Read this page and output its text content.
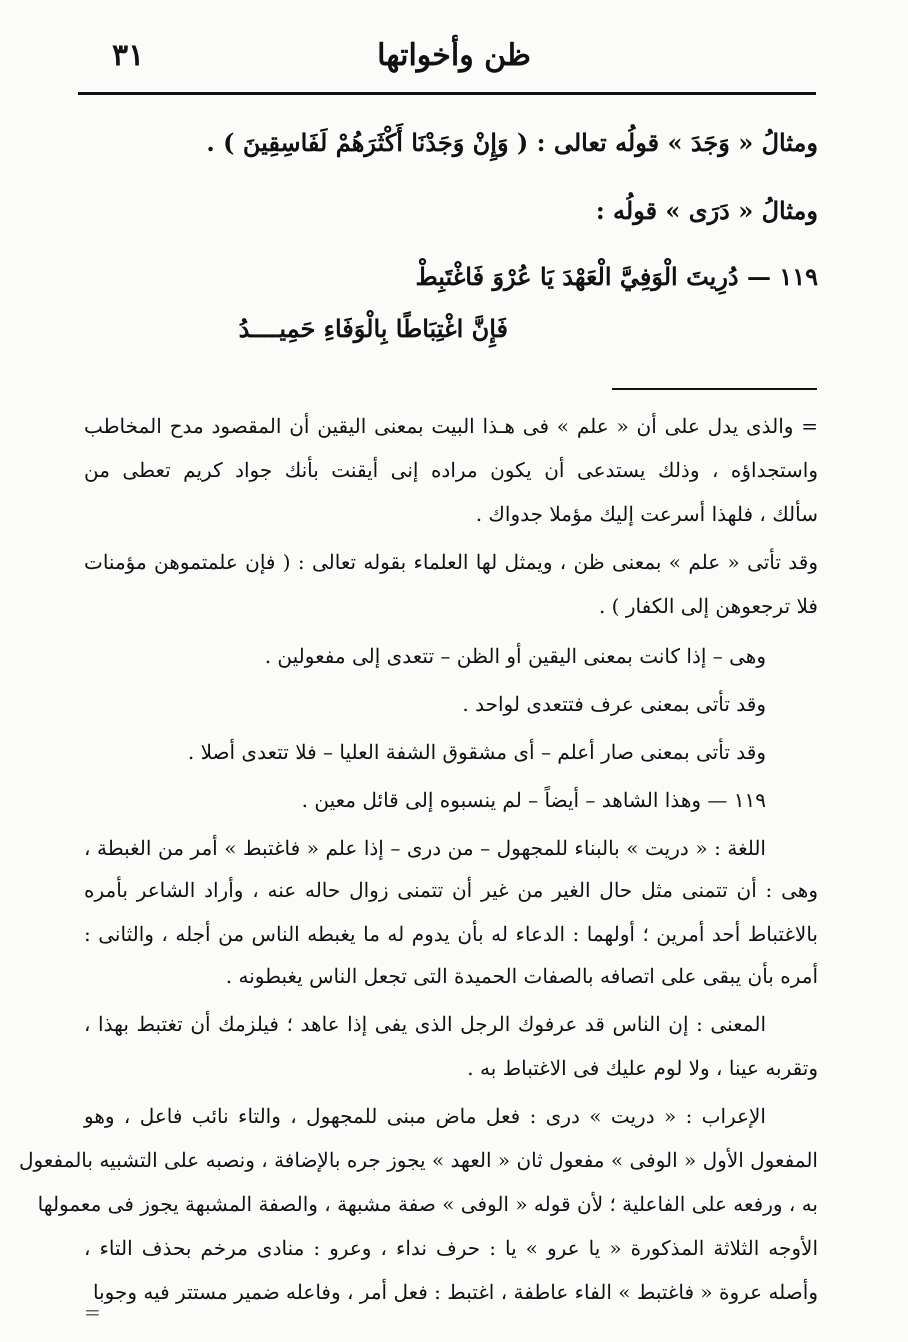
ظن وأخواتها
٣١
ومثالُ « وَجَدَ » قولُه تعالى : ( وَإِنْ وَجَدْنَا أَكْثَرَهُمْ لَفَاسِقِينَ ) .
ومثالُ « دَرَى » قولُه :
١١٩ — دُرِيتَ الْوَفِيَّ الْعَهْدَ يَا عُرْوَ فَاغْتَبِطْ
فَإِنَّ اغْتِبَاطًا بِالْوَفَاءِ حَمِيــــدُ
= والذى يدل على أن « علم » فى هـذا البيت بمعنى اليقين أن المقصود مدح المخاطب
واستجداؤه ، وذلك يستدعى أن يكون مراده إنى أيقنت بأنك جواد كريم تعطى من
سألك ، فلهذا أسرعت إليك مؤملا جدواك .
وقد تأتى « علم » بمعنى ظن ، ويمثل لها العلماء بقوله تعالى : ( فإن علمتموهن مؤمنات
فلا ترجعوهن إلى الكفار ) .
وهى – إذا كانت بمعنى اليقين أو الظن – تتعدى إلى مفعولين .
وقد تأتى بمعنى عرف فتتعدى لواحد .
وقد تأتى بمعنى صار أعلم – أى مشقوق الشفة العليا – فلا تتعدى أصلا .
١١٩ — وهذا الشاهد – أيضاً – لم ينسبوه إلى قائل معين .
اللغة : « دريت » بالبناء للمجهول – من درى – إذا علم « فاغتبط » أمر من الغبطة ،
وهى : أن تتمنى مثل حال الغير من غير أن تتمنى زوال حاله عنه ، وأراد الشاعر بأمره
بالاغتباط أحد أمرين ؛ أولهما : الدعاء له بأن يدوم له ما يغبطه الناس من أجله ، والثانى :
أمره بأن يبقى على اتصافه بالصفات الحميدة التى تجعل الناس يغبطونه .
المعنى : إن الناس قد عرفوك الرجل الذى يفى إذا عاهد ؛ فيلزمك أن تغتبط بهذا ،
وتقربه عينا ، ولا لوم عليك فى الاغتباط به .
الإعراب : « دريت » درى : فعل ماض مبنى للمجهول ، والتاء نائب فاعل ، وهو
المفعول الأول « الوفى » مفعول ثان « العهد » يجوز جره بالإضافة ، ونصبه على التشبيه بالمفعول
به ، ورفعه على الفاعلية ؛ لأن قوله « الوفى » صفة مشبهة ، والصفة المشبهة يجوز فى معمولها
الأوجه الثلاثة المذكورة « يا عرو » يا : حرف نداء ، وعرو : منادى مرخم بحذف التاء ،
وأصله عروة « فاغتبط » الفاء عاطفة ، اغتبط : فعل أمر ، وفاعله ضمير مستتر فيه وجوبا
=
